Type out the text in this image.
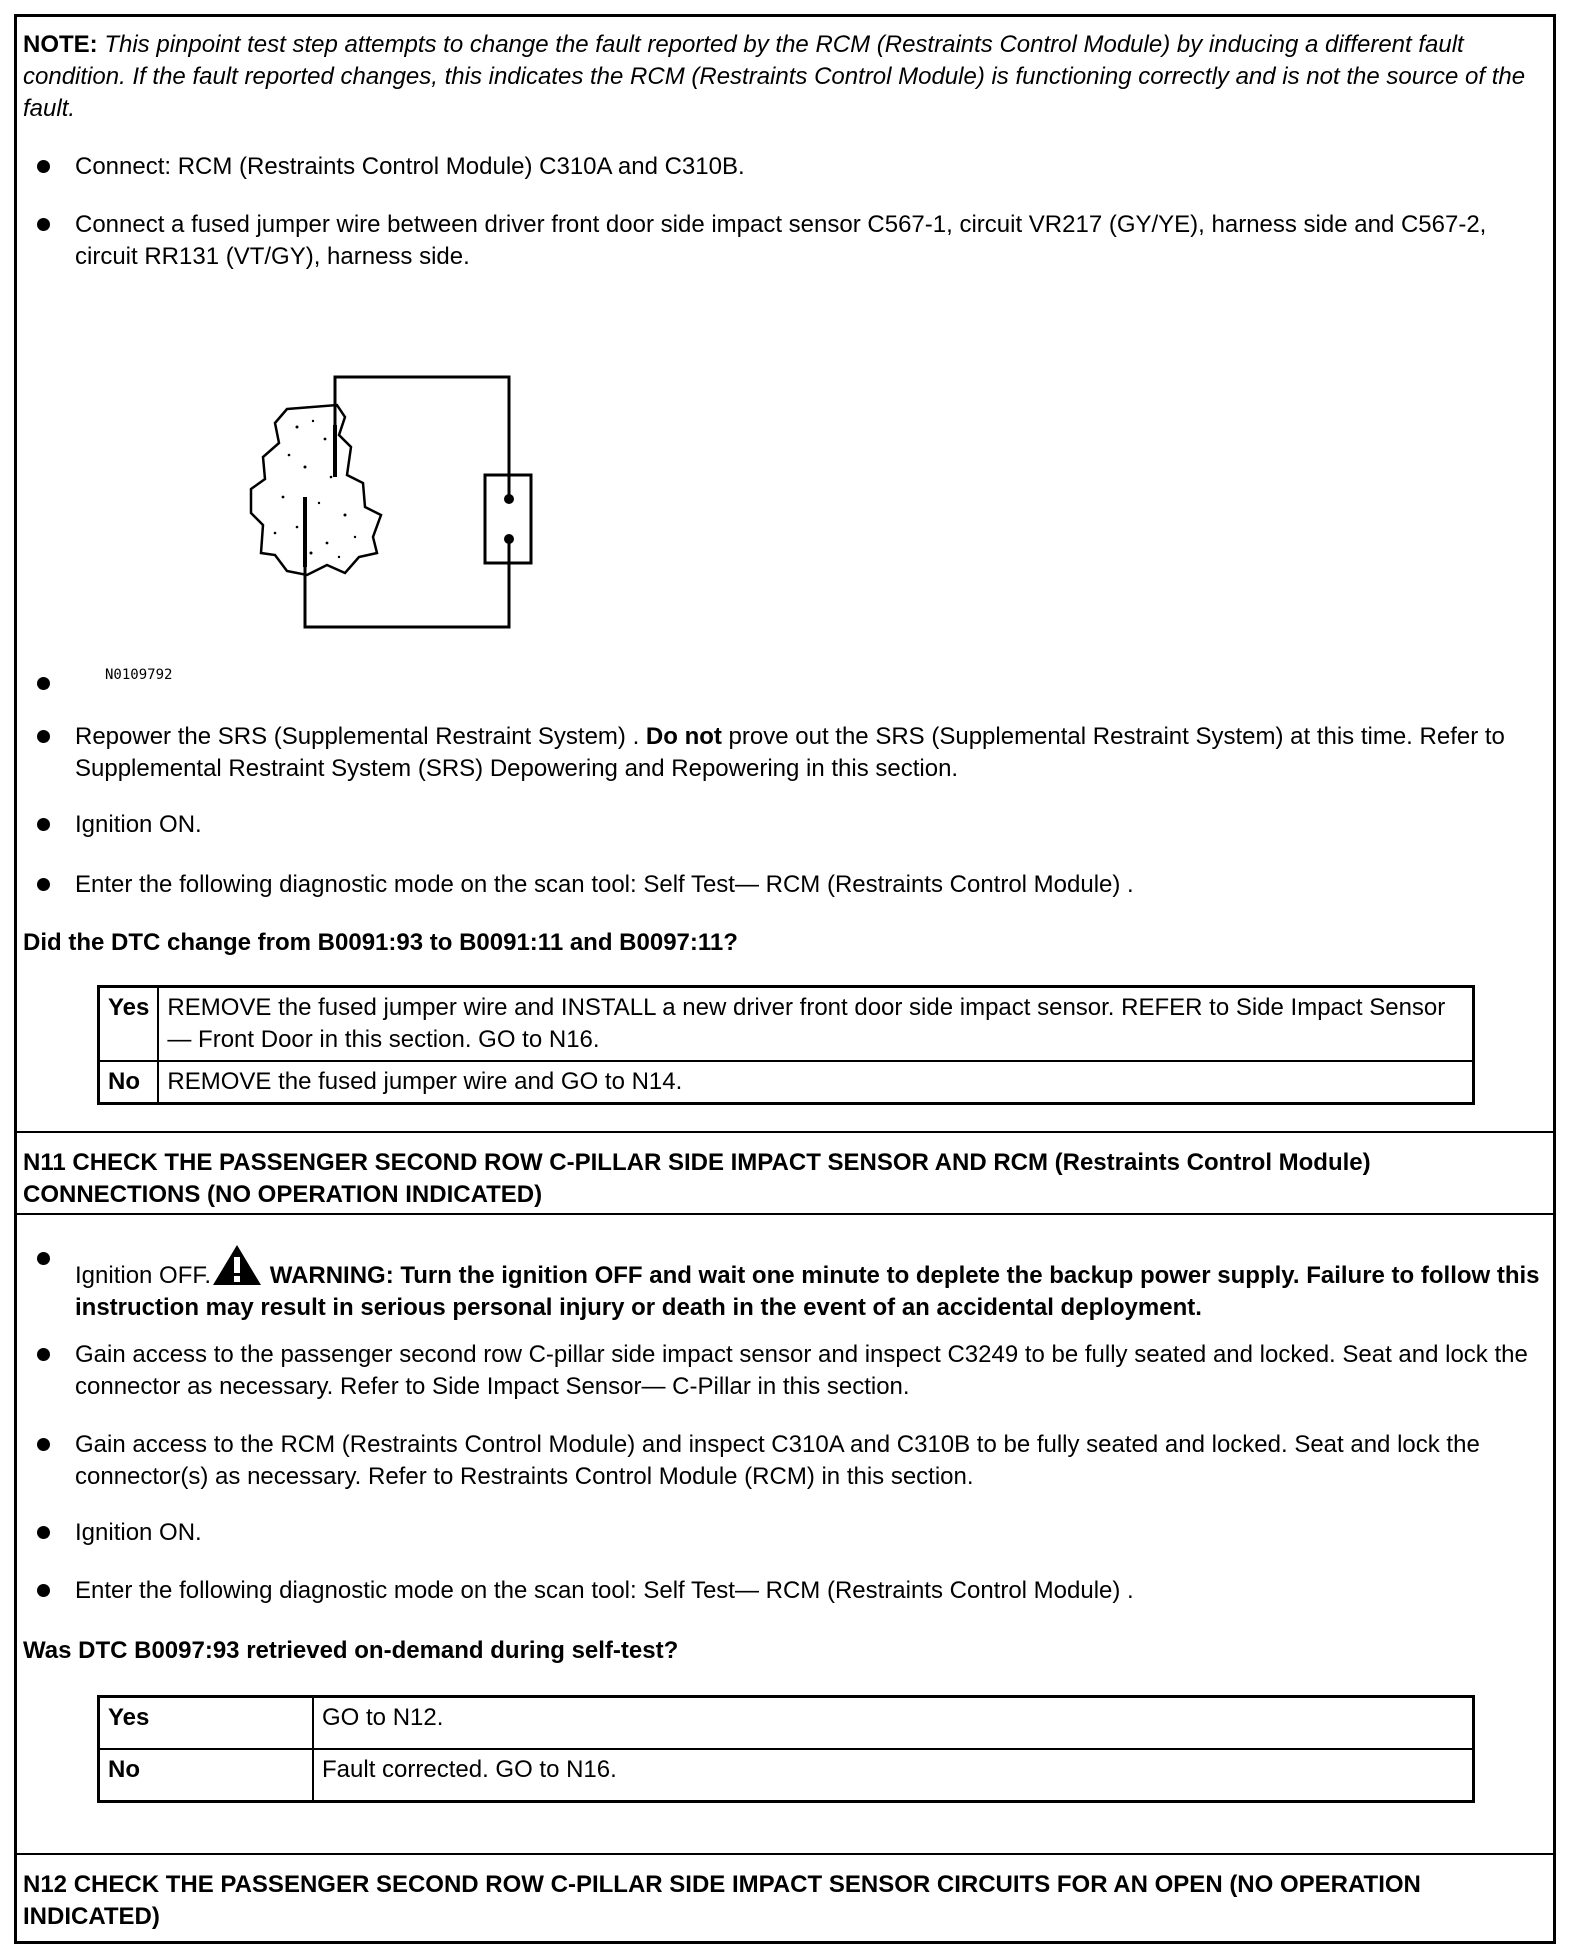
NOTE: This pinpoint test step attempts to change the fault reported by the RCM (Restraints Control Module) by inducing a different fault condition. If the fault reported changes, this indicates the RCM (Restraints Control Module) is functioning correctly and is not the source of the fault.

Connect: RCM (Restraints Control Module) C310A and C310B.

Connect a fused jumper wire between driver front door side impact sensor C567-1, circuit VR217 (GY/YE), harness side and C567-2, circuit RR131 (VT/GY), harness side.

N0109792

Repower the SRS (Supplemental Restraint System) . Do not prove out the SRS (Supplemental Restraint System) at this time. Refer to Supplemental Restraint System (SRS) Depowering and Repowering in this section.

Ignition ON.

Enter the following diagnostic mode on the scan tool: Self Test— RCM (Restraints Control Module) .

Did the DTC change from B0091:93 to B0091:11 and B0097:11?

Yes	REMOVE the fused jumper wire and INSTALL a new driver front door side impact sensor. REFER to Side Impact Sensor — Front Door in this section. GO to N16.
No	REMOVE the fused jumper wire and GO to N14.

N11 CHECK THE PASSENGER SECOND ROW C-PILLAR SIDE IMPACT SENSOR AND RCM (Restraints Control Module) CONNECTIONS (NO OPERATION INDICATED)

Ignition OFF. WARNING: Turn the ignition OFF and wait one minute to deplete the backup power supply. Failure to follow this instruction may result in serious personal injury or death in the event of an accidental deployment.

Gain access to the passenger second row C-pillar side impact sensor and inspect C3249 to be fully seated and locked. Seat and lock the connector as necessary. Refer to Side Impact Sensor— C-Pillar in this section.

Gain access to the RCM (Restraints Control Module) and inspect C310A and C310B to be fully seated and locked. Seat and lock the connector(s) as necessary. Refer to Restraints Control Module (RCM) in this section.

Ignition ON.

Enter the following diagnostic mode on the scan tool: Self Test— RCM (Restraints Control Module) .

Was DTC B0097:93 retrieved on-demand during self-test?

Yes	GO to N12.
No	Fault corrected. GO to N16.

N12 CHECK THE PASSENGER SECOND ROW C-PILLAR SIDE IMPACT SENSOR CIRCUITS FOR AN OPEN (NO OPERATION INDICATED)
